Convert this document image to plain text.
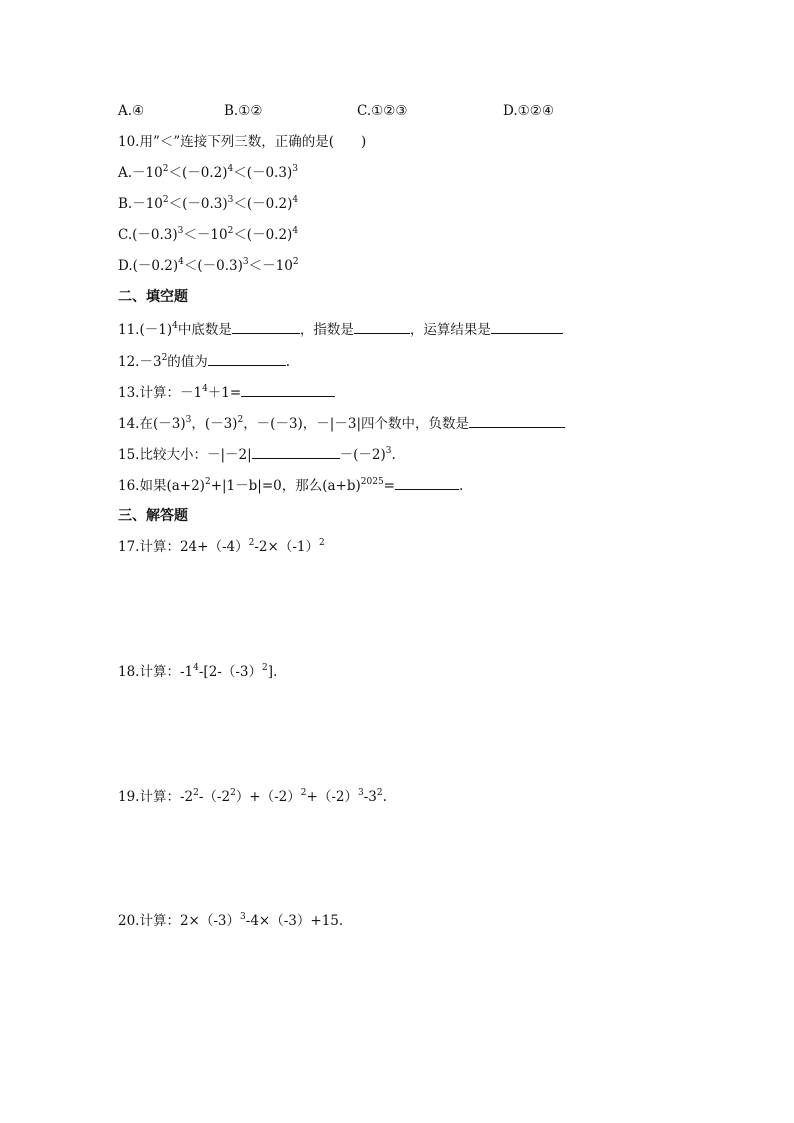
A.④	B.①②	C.①②③	D.①②④
10.用”＜”连接下列三数，正确的是(　　)
$A.-10^2<(-0.2)^4<(-0.3)^3$
$B.-10^2<(-0.3)^3<(-0.2)^4$
$C.(-0.3)^3<-10^2<(-0.2)^4$
$D.(-0.2)^4<(-0.3)^3<-10^2$
二、填空题
$11.(-1)^4$中底数是	，指数是	，运算结果是
$12.-3^2$的值为	.
13.计算：$-1^4+1=$
14.在$(-3)^3$，$(-3)^2$，－(－3)，－|－3|四个数中，负数是
15.比较大小：－|－2|	$-(-2)^3$.
16.如果$(a+2)^2+|1-b|=0$，那么$(a+b)^{2025}=$	.
三、解答题
17.计算：$24+(-4)^2-2\times(-1)^2$
18.计算：$-1^4-[2-(-3)^2]$.
19.计算：$-2^2-(-2^2)+(-2)^2+(-2)^3-3^2$.
20.计算：$2\times(-3)^3-4\times(-3)+15$.
